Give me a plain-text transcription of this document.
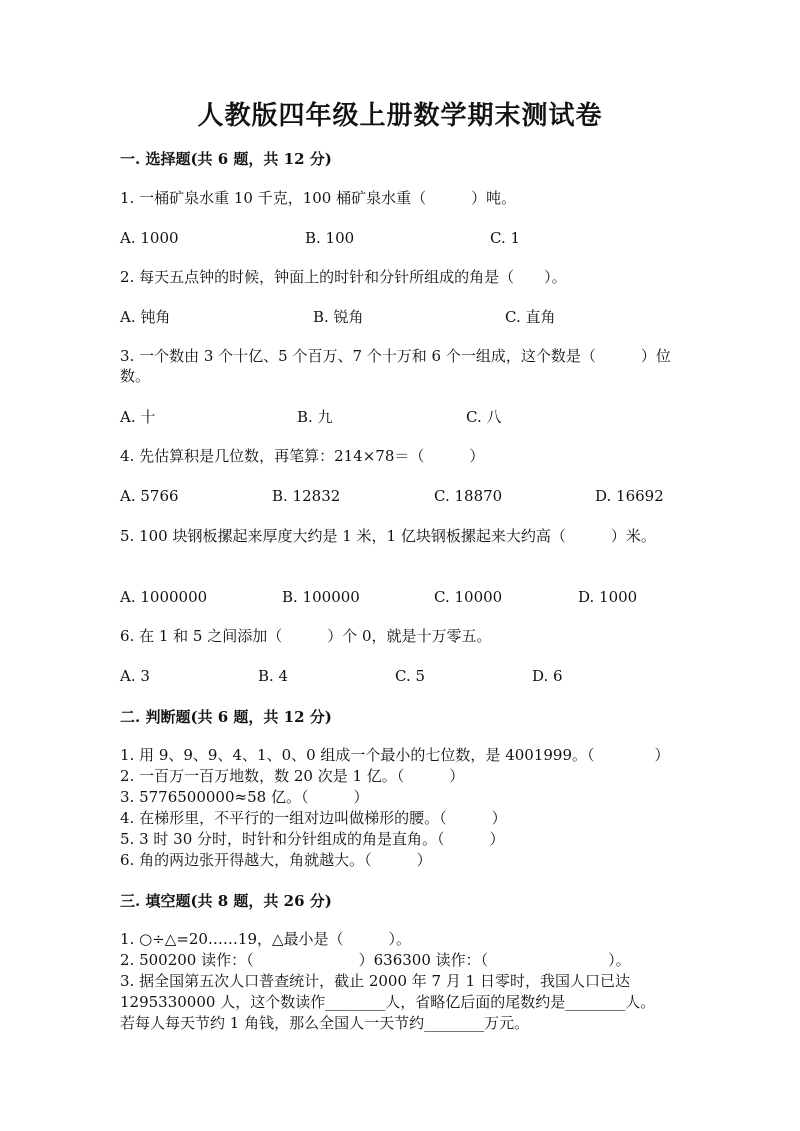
人教版四年级上册数学期末测试卷
一. 选择题(共 6 题，共 12 分)
1. 一桶矿泉水重 10 千克，100 桶矿泉水重（　　　）吨。
A. 1000	B. 100	C. 1
2. 每天五点钟的时候，钟面上的时针和分针所组成的角是（　　）。
A. 钝角	B. 锐角	C. 直角
3. 一个数由 3 个十亿、5 个百万、7 个十万和 6 个一组成，这个数是（　　　）位数。
A. 十	B. 九	C. 八
4. 先估算积是几位数，再笔算：214×78＝（　　　）
A. 5766	B. 12832	C. 18870	D. 16692
5. 100 块钢板摞起来厚度大约是 1 米，1 亿块钢板摞起来大约高（　　　）米。
A. 1000000	B. 100000	C. 10000	D. 1000
6. 在 1 和 5 之间添加（　　　）个 0，就是十万零五。
A. 3	B. 4	C. 5	D. 6
二. 判断题(共 6 题，共 12 分)
1. 用 9、9、9、4、1、0、0 组成一个最小的七位数，是 4001999。（　　　　）
2. 一百万一百万地数，数 20 次是 1 亿。（　　　）
3. 5776500000≈58 亿。（　　　）
4. 在梯形里，不平行的一组对边叫做梯形的腰。（　　　）
5. 3 时 30 分时，时针和分针组成的角是直角。（　　　）
6. 角的两边张开得越大，角就越大。（　　　）
三. 填空题(共 8 题，共 26 分)
1. ○÷△=20……19，△最小是（　　　）。
2. 500200 读作：（　　　　　　　）636300 读作：（　　　　　　　　）。
3. 据全国第五次人口普查统计，截止 2000 年 7 月 1 日零时，我国人口已达
1295330000 人，这个数读作________人，省略亿后面的尾数约是________人。
若每人每天节约 1 角钱，那么全国人一天节约________万元。
